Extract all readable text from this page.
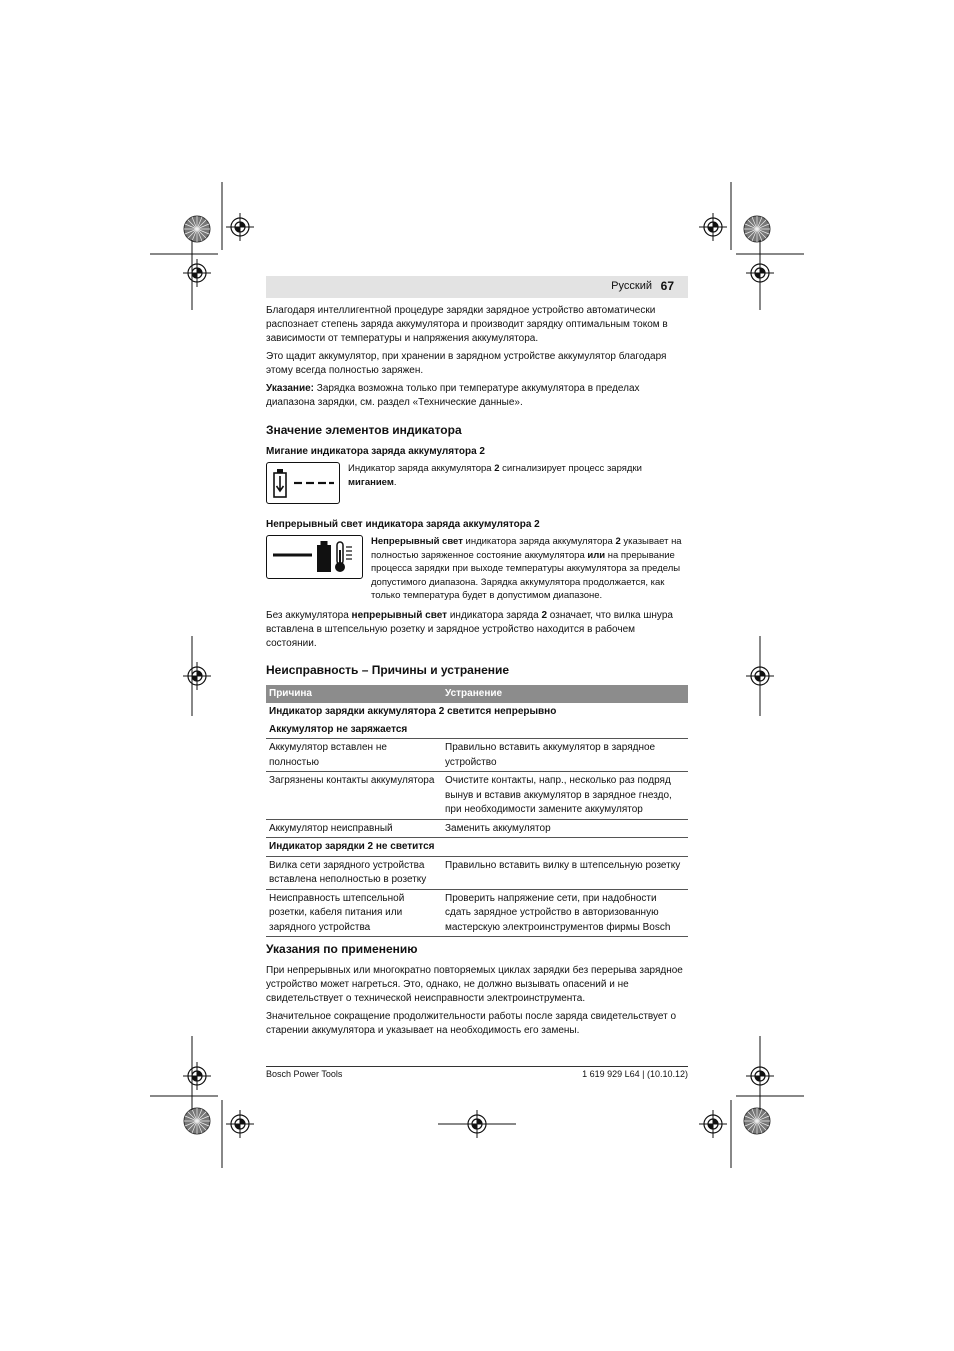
Русский 67

Благодаря интеллигентной процедуре зарядки зарядное устройство автоматически распознает степень заряда аккумулятора и производит зарядку оптимальным током в зависимости от температуры и напряжения аккумулятора.

Это щадит аккумулятор, при хранении в зарядном устройстве аккумулятор благодаря этому всегда полностью заряжен.

Указание: Зарядка возможна только при температуре аккумулятора в пределах диапазона зарядки, см. раздел «Технические данные».

Значение элементов индикатора
Мигание индикатора заряда аккумулятора 2
Индикатор заряда аккумулятора 2 сигнализирует процесс зарядки миганием.
Непрерывный свет индикатора заряда аккумулятора 2
Непрерывный свет индикатора заряда аккумулятора 2 указывает на полностью заряженное состояние аккумулятора или на прерывание процесса зарядки при выходе температуры аккумулятора за пределы допустимого диапазона. Зарядка аккумулятора продолжается, как только температура будет в допустимом диапазоне.

Без аккумулятора непрерывный свет индикатора заряда 2 означает, что вилка шнура вставлена в штепсельную розетку и зарядное устройство находится в рабочем состоянии.

Неисправность – Причины и устранение
Причина	Устранение
Индикатор зарядки аккумулятора 2 светится непрерывно	
Аккумулятор не заряжается	
Аккумулятор вставлен не полностью	Правильно вставить аккумулятор в зарядное устройство
Загрязнены контакты аккумулятора	Очистите контакты, напр., несколько раз подряд вынув и вставив аккумулятор в зарядное гнездо, при необходимости замените аккумулятор
Аккумулятор неисправный	Заменить аккумулятор
Индикатор зарядки 2 не светится	
Вилка сети зарядного устройства вставлена неполностью в розетку	Правильно вставить вилку в штепсельную розетку
Неисправность штепсельной розетки, кабеля питания или зарядного устройства	Проверить напряжение сети, при надобности сдать зарядное устройство в авторизованную мастерскую электроинструментов фирмы Bosch
Указания по применению

При непрерывных или многократно повторяемых циклах зарядки без перерыва зарядное устройство может нагреться. Это, однако, не должно вызывать опасений и не свидетельствует о технической неисправности электроинструмента.

Значительное сокращение продолжительности работы после заряда свидетельствует о старении аккумулятора и указывает на необходимость его замены.

Bosch Power Tools	1 619 929 L64 | (10.10.12)
